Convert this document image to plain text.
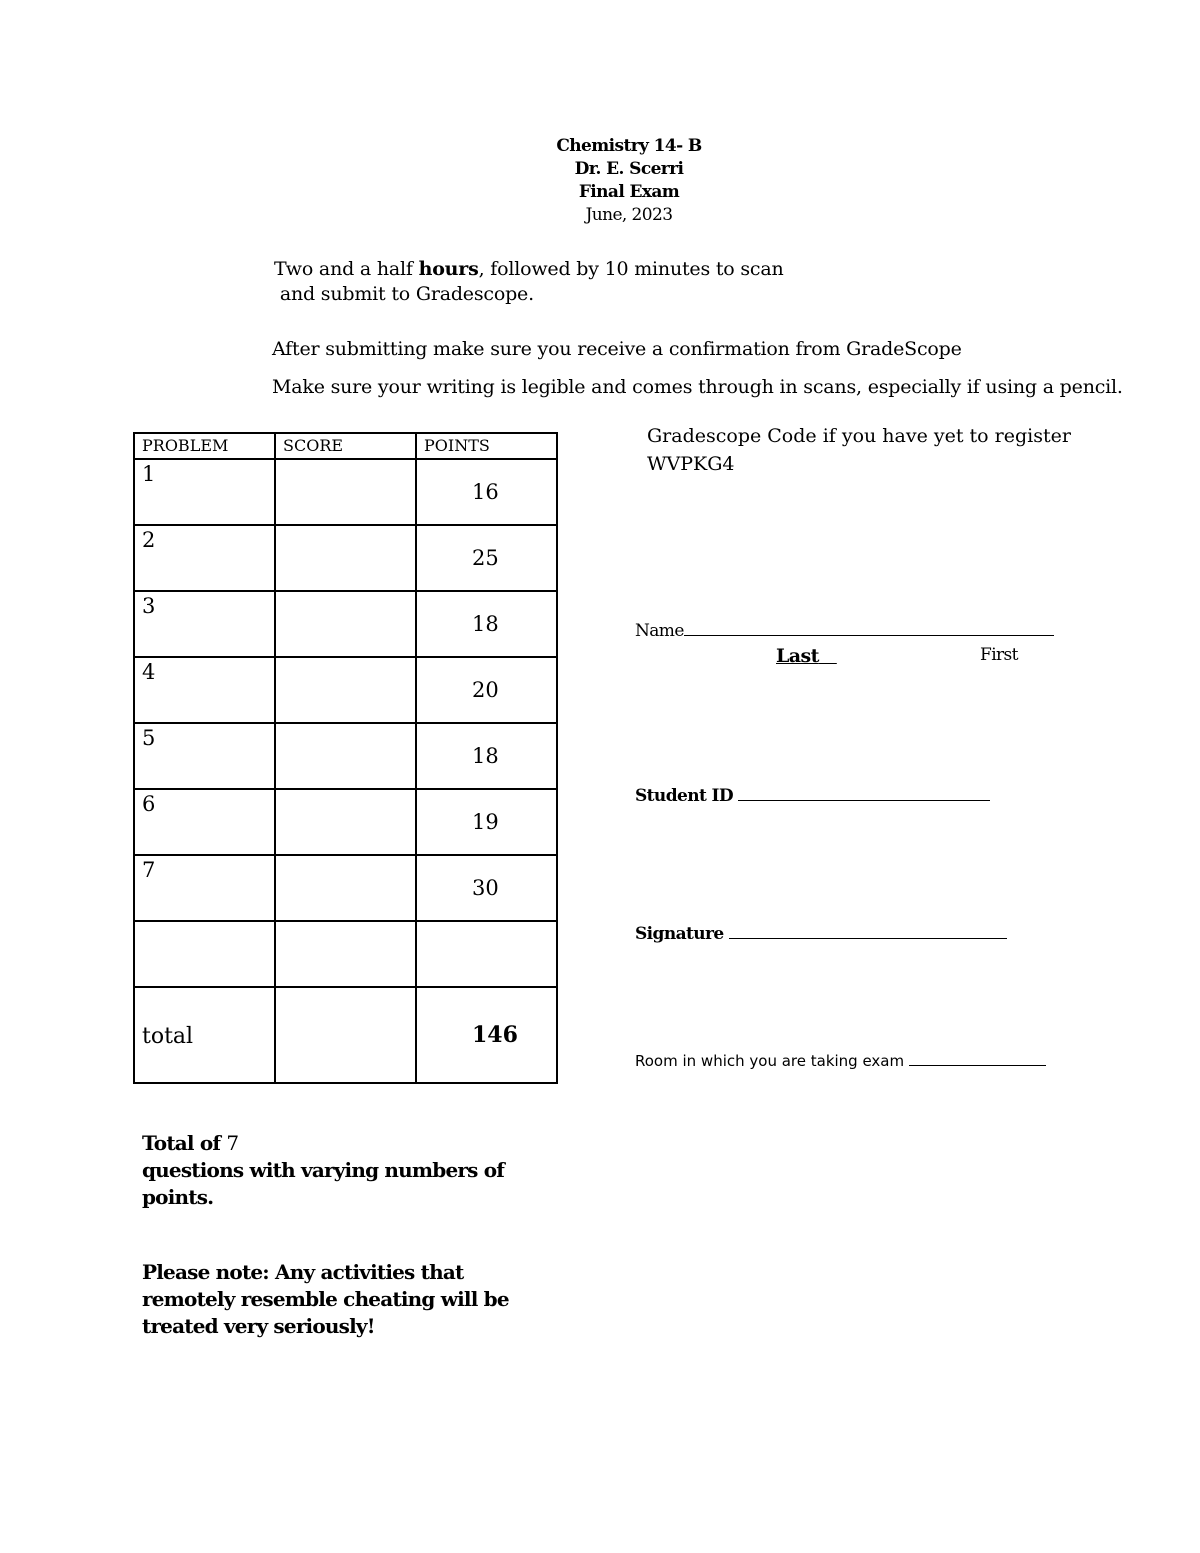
Chemistry 14- B
Dr. E. Scerri
Final Exam
June, 2023
Two and a half hours, followed by 10 minutes to scan
and submit to Gradescope.
After submitting make sure you receive a confirmation from GradeScope
Make sure your writing is legible and comes through in scans, especially if using a pencil.
PROBLEM	SCORE	POINTS
1		16
2		25
3		18
4		20
5		18
6		19
7		30

total		146
Gradescope Code if you have yet to register
WVPKG4
Name
Last	First
Student ID
Signature
Room in which you are taking exam
Total of 7
questions with varying numbers of points.
Please note: Any activities that remotely resemble cheating will be treated very seriously!
